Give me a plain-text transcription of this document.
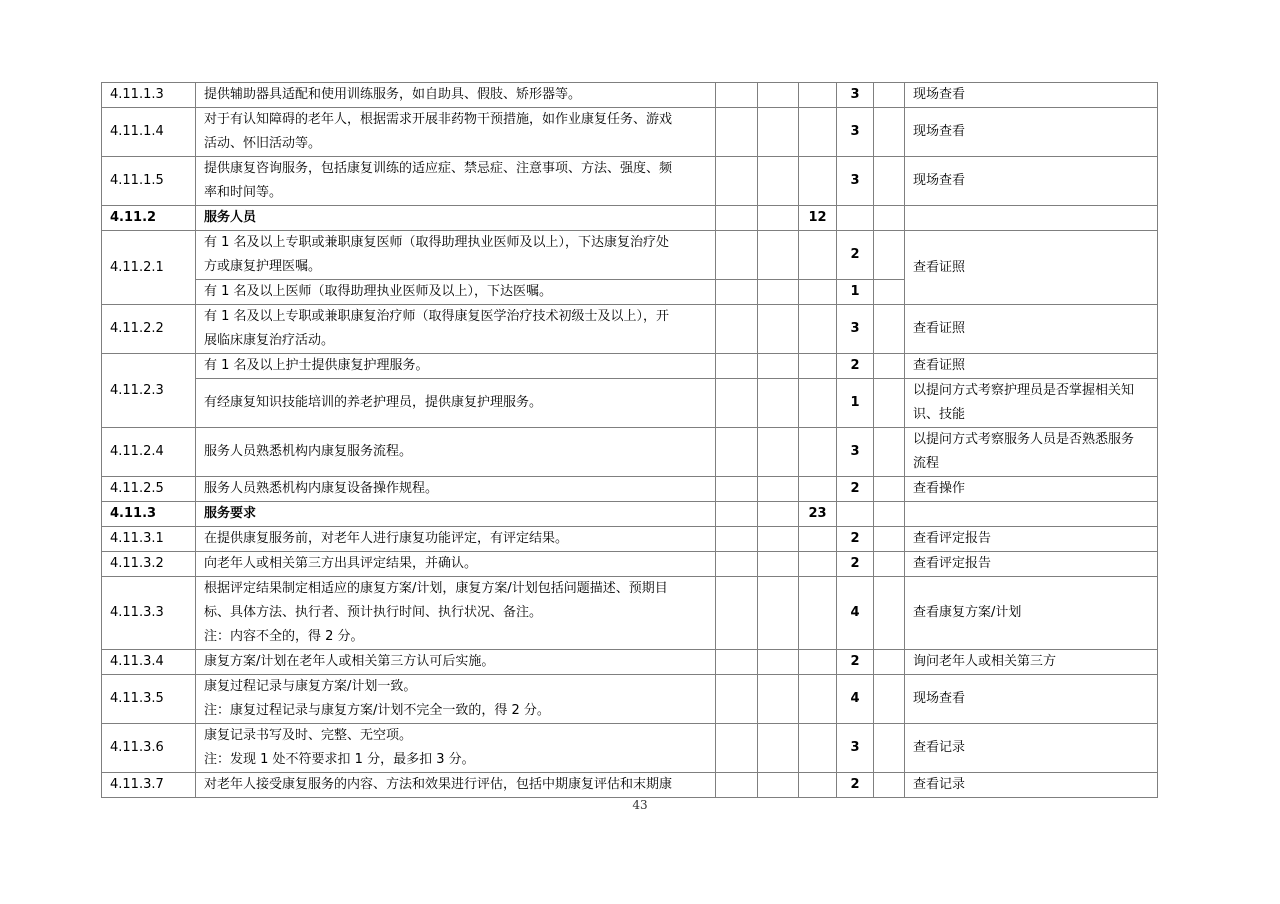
4.11.1.3	提供辅助器具适配和使用训练服务，如自助具、假肢、矫形器等。				3		现场查看

4.11.1.4	对于有认知障碍的老年人，根据需求开展非药物干预措施，如作业康复任务、游戏
活动、怀旧活动等。				3		现场查看

4.11.1.5	提供康复咨询服务，包括康复训练的适应症、禁忌症、注意事项、方法、强度、频
率和时间等。				3		现场查看

4.11.2	服务人员			12			
4.11.2.1	有 1 名及以上专职或兼职康复医师（取得助理执业医师及以上），下达康复治疗处
方或康复护理医嘱。				2		查看证照

	有 1 名及以上医师（取得助理执业医师及以上），下达医嘱。				1		
4.11.2.2	有 1 名及以上专职或兼职康复治疗师（取得康复医学治疗技术初级士及以上），开
展临床康复治疗活动。				3		查看证照

4.11.2.3	有 1 名及以上护士提供康复护理服务。				2		查看证照

	有经康复知识技能培训的养老护理员，提供康复护理服务。				1		以提问方式考察护理员是否掌握相关知
识、技能

4.11.2.4	服务人员熟悉机构内康复服务流程。				3		以提问方式考察服务人员是否熟悉服务
流程

4.11.2.5	服务人员熟悉机构内康复设备操作规程。				2		查看操作

4.11.3	服务要求			23			
4.11.3.1	在提供康复服务前，对老年人进行康复功能评定，有评定结果。				2		查看评定报告

4.11.3.2	向老年人或相关第三方出具评定结果，并确认。				2		查看评定报告

4.11.3.3	根据评定结果制定相适应的康复方案/计划，康复方案/计划包括问题描述、预期目
标、具体方法、执行者、预计执行时间、执行状况、备注。
注：内容不全的，得 2 分。				4		查看康复方案/计划

4.11.3.4	康复方案/计划在老年人或相关第三方认可后实施。				2		询问老年人或相关第三方

4.11.3.5	康复过程记录与康复方案/计划一致。
注：康复过程记录与康复方案/计划不完全一致的，得 2 分。				4		现场查看

4.11.3.6	康复记录书写及时、完整、无空项。
注：发现 1 处不符要求扣 1 分，最多扣 3 分。				3		查看记录

4.11.3.7	对老年人接受康复服务的内容、方法和效果进行评估，包括中期康复评估和末期康				2		查看记录
43
